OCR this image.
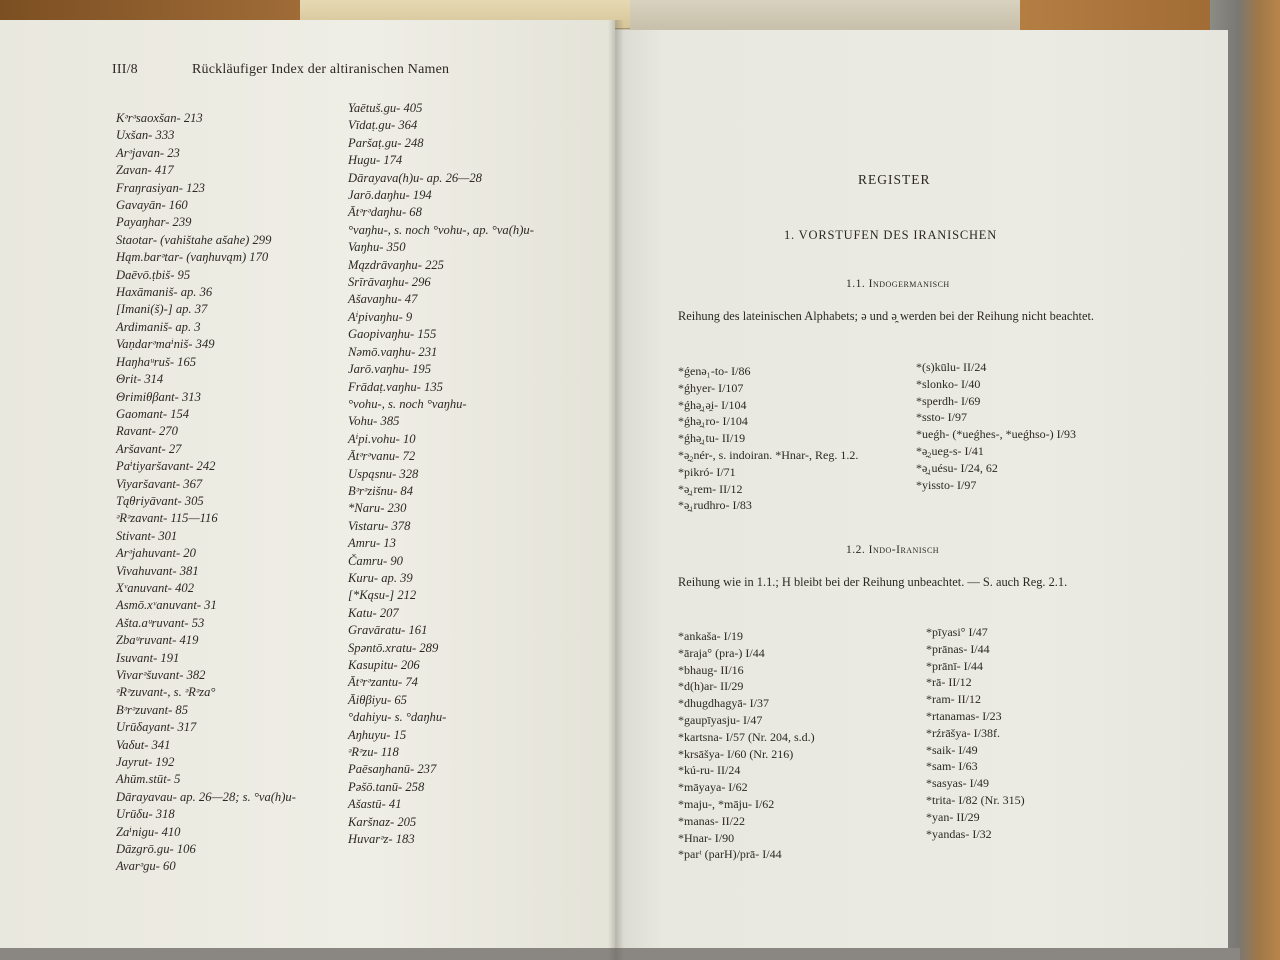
III/8	Rückläufiger Index der altiranischen Namen
Kᵊrᵊsaoxšan- 213
Uxšan- 333
Arᵊjavan- 23
Zavan- 417
Fraŋrasiyan- 123
Gavayān- 160
Payaŋhar- 239
Staotar- (vahištahe ašahe) 299
Hąm.barᵊtar- (vaŋhuvąm) 170
Daēvō.ṭbiš- 95
Haxāmaniš- ap. 36
[Imani(š)-] ap. 37
Ardimaniš- ap. 3
Vaṇdarᵊmaⁱniš- 349
Haŋhaᵘruš- 165
Θrit- 314
Θrimiθβant- 313
Gaomant- 154
Ravant- 270
Aršavant- 27
Paⁱtiyaršavant- 242
Viyaršavant- 367
Tąθriyāvant- 305
ᵊRᵊzavant- 115—116
Stivant- 301
Arᵊjahuvant- 20
Vivahuvant- 381
Xᵛanuvant- 402
Asmō.xᵛanuvant- 31
Ašta.aᵘruvant- 53
Zbaᵘruvant- 419
Isuvant- 191
Vivarᵊšuvant- 382
ᵊRᵊzuvant-, s. ᵊRᵊza°
Bᵊrᵊzuvant- 85
Urūδayant- 317
Vaδut- 341
Jayrut- 192
Ahūm.stūt- 5
Dārayavau- ap. 26—28; s. °va(h)u-
Urūδu- 318
Zaⁱnigu- 410
Dāzgrō.gu- 106
Avarᵊgu- 60
Yaētuš.gu- 405
Vīdaṭ.gu- 364
Paršaṭ.gu- 248
Hugu- 174
Dārayava(h)u- ap. 26—28
Jarō.daŋhu- 194
Ātᵊrᵊdaŋhu- 68
°vaŋhu-, s. noch °vohu-, ap. °va(h)u-
Vaŋhu- 350
Mązdrāvaŋhu- 225
Srīrāvaŋhu- 296
Ašavaŋhu- 47
Aⁱpivaŋhu- 9
Gaopivaŋhu- 155
Nəmō.vaŋhu- 231
Jarō.vaŋhu- 195
Frādaṭ.vaŋhu- 135
°vohu-, s. noch °vaŋhu-
Vohu- 385
Aⁱpi.vohu- 10
Ātᵊrᵊvanu- 72
Uspąsnu- 328
Bᵊrᵊzišnu- 84
*Naru- 230
Vistaru- 378
Amru- 13
Čamru- 90
Kuru- ap. 39
[*Kąsu-] 212
Katu- 207
Gravāratu- 161
Spəntō.xratu- 289
Kasupitu- 206
Ātᵊrᵊzantu- 74
Āiθβiyu- 65
°dahiyu- s. °daŋhu-
Aŋhuyu- 15
ᵊRᵊzu- 118
Paēsaŋhanū- 237
Pəšō.tanū- 258
Ašastū- 41
Karšnaz- 205
Huvarᵊz- 183
REGISTER
1. VORSTUFEN DES IRANISCHEN
1.1. Indogermanisch
Reihung des lateinischen Alphabets; ə und ə̯ werden bei der Reihung nicht beachtet.
*ǵenə₁-to- I/86
*ǵhyer- I/107
*ǵhə̯₁ə̯i- I/104
*ǵhə̯₁ro- I/104
*ǵhə̯₁tu- II/19
*ə̯₂nér-, s. indoiran. *Hnar-, Reg. 1.2.
*pikró- I/71
*ə̯₁rem- II/12
*ə̯₁rudhro- I/83
*(s)kūlu- II/24
*slonko- I/40
*sperdh- I/69
*ssto- I/97
*ueǵh- (*ueǵhes-, *ueǵhso-) I/93
*ə̯₂ueg-s- I/41
*ə̯₁uésu- I/24, 62
*yissto- I/97
1.2. Indo-Iranisch
Reihung wie in 1.1.; H bleibt bei der Reihung unbeachtet. — S. auch Reg. 2.1.
*ankaša- I/19
*āraja° (pra-) I/44
*bhaug- II/16
*d(h)ar- II/29
*dhugdhagyā- I/37
*gaupīyasju- I/47
*kartsna- I/57 (Nr. 204, s.d.)
*krsāšya- I/60 (Nr. 216)
*kú-ru- II/24
*māyaya- I/62
*maju-, *māju- I/62
*manas- II/22
*Hnar- I/90
*parᵗ (parH)/prā- I/44
*pīyasi° I/47
*prānas- I/44
*prānī- I/44
*rā- II/12
*ram- II/12
*rtanamas- I/23
*rźrāšya- I/38f.
*saik- I/49
*sam- I/63
*sasyas- I/49
*trita- I/82 (Nr. 315)
*yan- II/29
*yandas- I/32
